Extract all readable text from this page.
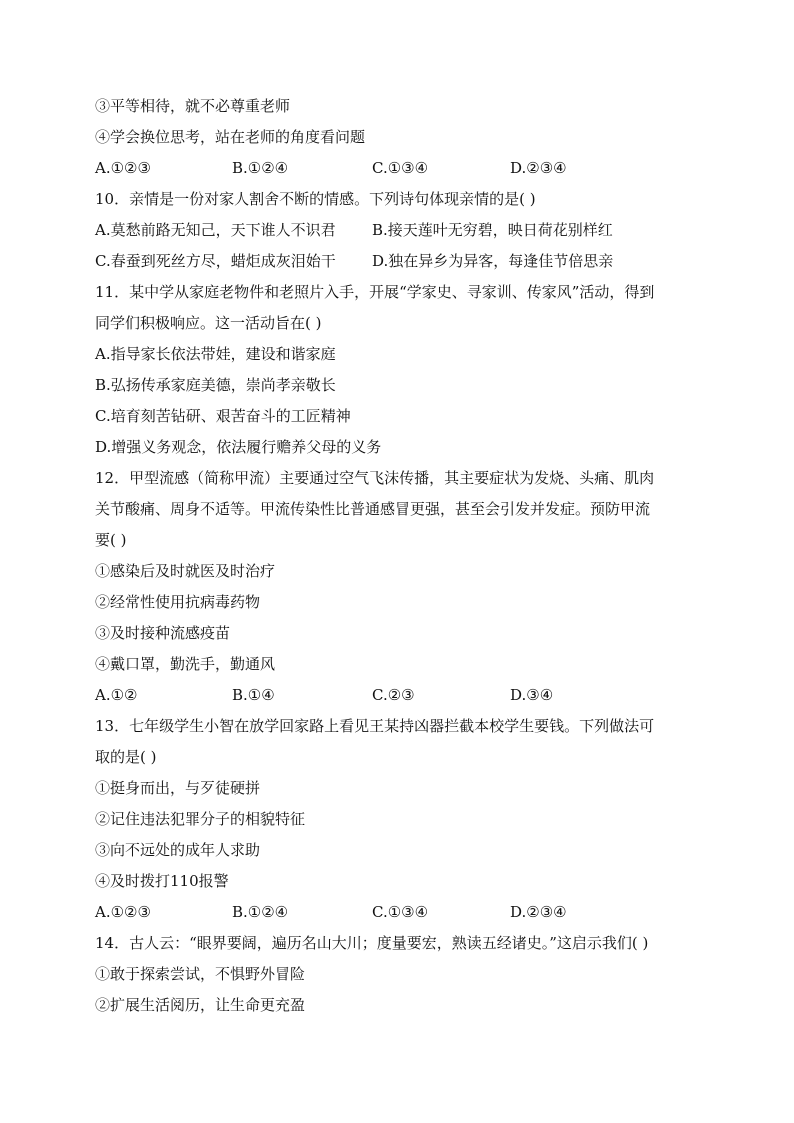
③平等相待，就不必尊重老师
④学会换位思考，站在老师的角度看问题
A.①②③	B.①②④	C.①③④	D.②③④
10．亲情是一份对家人割舍不断的情感。下列诗句体现亲情的是( )
A.莫愁前路无知己，天下谁人不识君 B.接天莲叶无穷碧，映日荷花别样红
C.春蚕到死丝方尽，蜡炬成灰泪始干 D.独在异乡为异客，每逢佳节倍思亲
11．某中学从家庭老物件和老照片入手，开展“学家史、寻家训、传家风”活动，得到
同学们积极响应。这一活动旨在( )
A.指导家长依法带娃，建设和谐家庭
B.弘扬传承家庭美德，崇尚孝亲敬长
C.培育刻苦钻研、艰苦奋斗的工匠精神
D.增强义务观念，依法履行赡养父母的义务
12．甲型流感（简称甲流）主要通过空气飞沫传播，其主要症状为发烧、头痛、肌肉
关节酸痛、周身不适等。甲流传染性比普通感冒更强，甚至会引发并发症。预防甲流
要( )
①感染后及时就医及时治疗
②经常性使用抗病毒药物
③及时接种流感疫苗
④戴口罩，勤洗手，勤通风
A.①②	B.①④	C.②③	D.③④
13．七年级学生小智在放学回家路上看见王某持凶器拦截本校学生要钱。下列做法可
取的是( )
①挺身而出，与歹徒硬拼
②记住违法犯罪分子的相貌特征
③向不远处的成年人求助
④及时拨打110报警
A.①②③	B.①②④	C.①③④	D.②③④
14．古人云：“眼界要阔，遍历名山大川；度量要宏，熟读五经诸史。”这启示我们( )
①敢于探索尝试，不惧野外冒险
②扩展生活阅历，让生命更充盈
